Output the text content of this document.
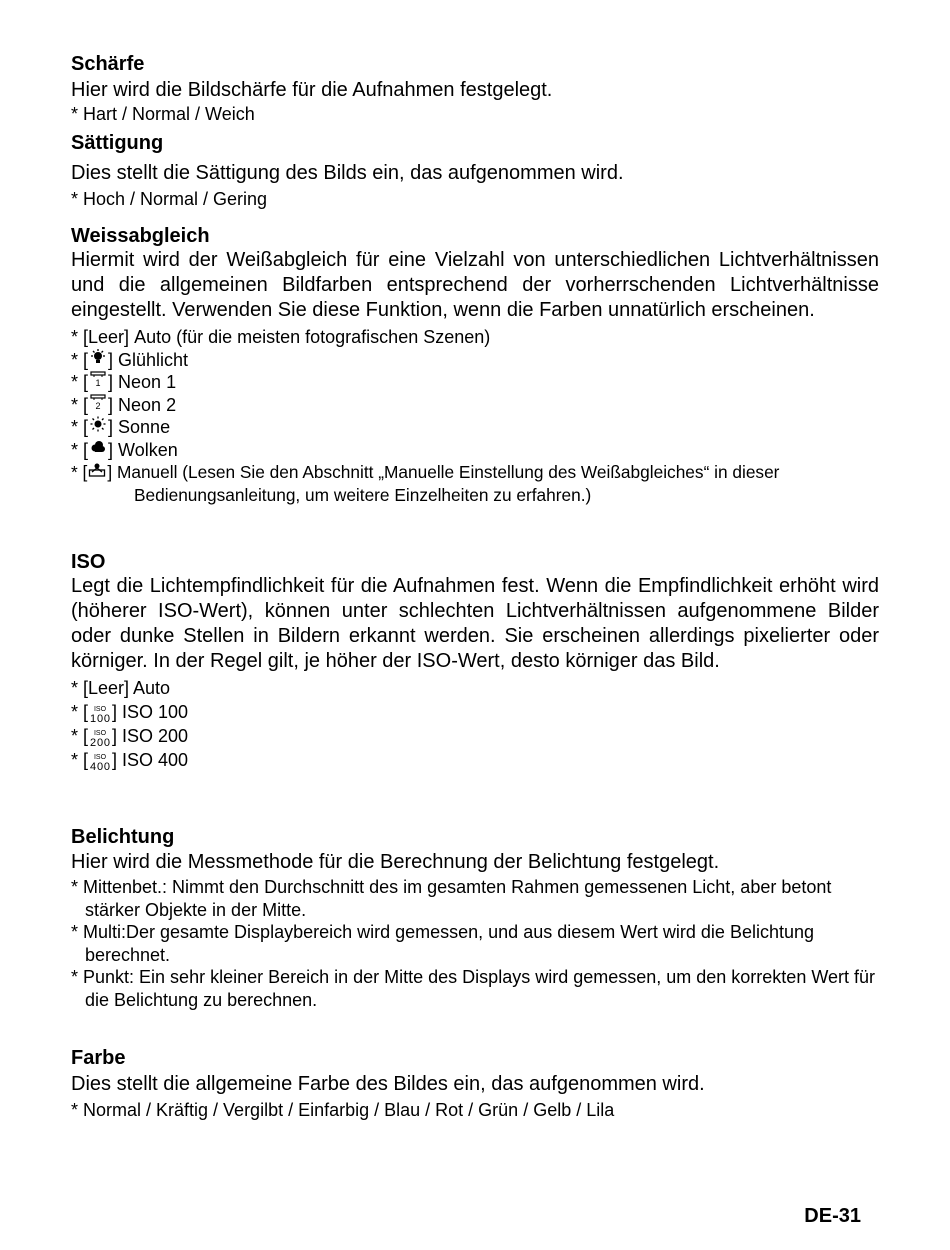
Schärfe

Hier wird die Bildschärfe für die Aufnahmen festgelegt.

* Hart / Normal / Weich

Sättigung

Dies stellt die Sättigung des Bilds ein, das aufgenommen wird.

* Hoch / Normal / Gering

Weissabgleich

Hiermit wird der Weißabgleich für eine Vielzahl von unterschiedlichen Lichtverhältnissen und die allgemeinen Bildfarben entsprechend der vorherrschenden Lichtverhältnisse eingestellt. Verwenden Sie diese Funktion, wenn die Farben unnatürlich erscheinen.

* [Leer]
Auto (für die meisten fotografischen Szenen)

* [ ] Glühlicht

* [ 1 ] Neon 1

* [ 2 ] Neon 2

* [ ] Sonne

* [ ] Wolken

* [ ] Manuell (Lesen Sie den Abschnitt „Manuelle Einstellung des Weißabgleiches“ in dieser

Bedienungsanleitung, um weitere Einzelheiten zu erfahren.)

ISO

Legt die Lichtempfindlichkeit für die Aufnahmen fest. Wenn die Empfindlichkeit erhöht wird (höherer ISO-Wert), können unter schlechten Lichtverhältnissen aufgenommene Bilder oder dunke Stellen in Bildern erkannt werden. Sie erscheinen allerdings pixelierter oder körniger. In der Regel gilt, je höher der ISO-Wert, desto körniger das Bild.

* [Leer] Auto

* [ ISO
100 ] ISO 100

* [ ISO
200 ] ISO 200

* [ ISO
400 ] ISO 400

Belichtung

Hier wird die Messmethode für die Berechnung der Belichtung festgelegt.

* Mittenbet.: Nimmt den Durchschnitt des im gesamten Rahmen gemessenen Licht, aber betont stärker Objekte in der Mitte.

* Multi:Der gesamte Displaybereich wird gemessen, und aus diesem Wert wird die Belichtung berechnet.

* Punkt: Ein sehr kleiner Bereich in der Mitte des Displays wird gemessen, um den korrekten Wert für die Belichtung zu berechnen.

Farbe

Dies stellt die allgemeine Farbe des Bildes ein, das aufgenommen wird.

* Normal / Kräftig / Vergilbt / Einfarbig / Blau / Rot / Grün / Gelb / Lila

DE-31
